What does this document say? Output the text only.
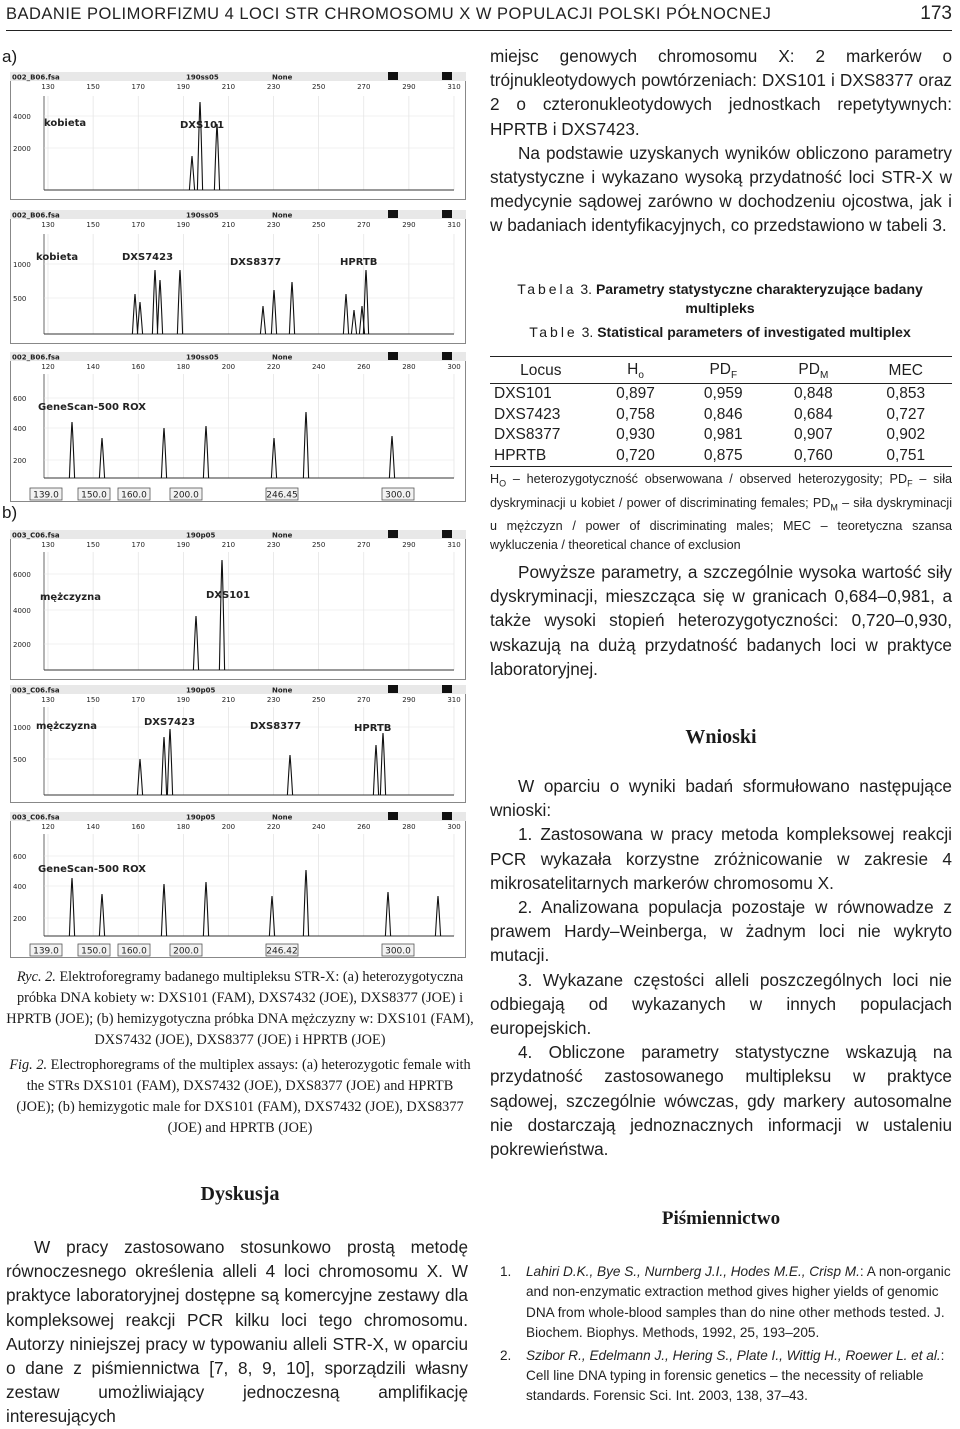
BADANIE POLIMORFIZMU 4 LOCI STR CHROMOSOMU X W POPULACJI POLSKI PÓŁNOCNEJ	173
a)
b)
002_B06.fsa	190ss05	None
130	150	170	190	210	230	250	270	290	310
4000
2000
kobieta	DXS101
002_B06.fsa	190ss05	None
130	150	170	190	210	230	250	270	290	310
1000
500
kobieta	DXS7423	DXS8377	HPRTB
002_B06.fsa	190ss05	None
120	140	160	180	200	220	240	260	280	300
600
400
200
GeneScan-500 ROX
139.0 150.0 160.0	200.0	246.45	300.0
003_C06.fsa	190p05	None
130	150	170	190	210	230	250	270	290	310
6000
4000
2000
mężczyzna	DXS101
003_C06.fsa	190p05	None
130	150	170	190	210	230	250	270	290	310
1000
500
mężczyzna	DXS7423	DXS8377	HPRTB
003_C06.fsa	190p05	None
120	140	160	180	200	220	240	260	280	300
600
400
200
GeneScan-500 ROX
139.0 150.0 160.0	200.0	246.42	300.0

Ryc. 2. Elektroforegramy badanego multipleksu STR-X: (a) heterozygotyczna próbka DNA kobiety w: DXS101 (FAM), DXS7432 (JOE), DXS8377 (JOE) i HPRTB (JOE); (b) hemizygotyczna próbka DNA mężczyzny w: DXS101 (FAM), DXS7432 (JOE), DXS8377 (JOE) i HPRTB (JOE)

Fig. 2. Electrophoregrams of the multiplex assays: (a) heterozygotic female with the STRs DXS101 (FAM), DXS7432 (JOE), DXS8377 (JOE) and HPRTB (JOE); (b) hemizygotic male for DXS101 (FAM), DXS7432 (JOE), DXS8377 (JOE) and HPRTB (JOE)

Dyskusja

W pracy zastosowano stosunkowo prostą metodę równoczesnego określenia alleli 4 loci chromosomu X. W praktyce laboratoryjnej dostępne są komercyjne zestawy dla kompleksowej reakcji PCR kilku loci tego chromosomu. Autorzy niniejszej pracy w typowaniu alleli STR-X, w oparciu o dane z piśmiennictwa [7, 8, 9, 10], sporządzili własny zestaw umożliwiający jednoczesną amplifikację interesujących

miejsc genowych chromosomu X: 2 markerów o trójnukleotydowych powtórzeniach: DXS101 i DXS8377 oraz 2 o czteronukleotydowych jednostkach repetytywnych: HPRTB i DXS7423.

Na podstawie uzyskanych wyników obliczono parametry statystyczne i wykazano wysoką przydatność loci STR-X w medycynie sądowej zarówno w dochodzeniu ojcostwa, jak i w badaniach identyfikacyjnych, co przedstawiono w tabeli 3.

Tabela 3. Parametry statystyczne charakteryzujące badany multipleks
Table 3. Statistical parameters of investigated multiplex
Locus	$H_o$	$PD_F$	$PD_M$	MEC
DXS101	0,897	0,959	0,848	0,853
DXS7423	0,758	0,846	0,684	0,727
DXS8377	0,930	0,981	0,907	0,902
HPRTB	0,720	0,875	0,760	0,751
$H_O$ – heterozygotyczność obserwowana / observed heterozygosity; $PD_F$ – siła dyskryminacji u kobiet / power of discriminating females; $PD_M$ – siła dyskryminacji u mężczyzn / power of discriminating males; MEC – teoretyczna szansa wykluczenia / theoretical chance of exclusion

Powyższe parametry, a szczególnie wysoka wartość siły dyskryminacji, mieszcząca się w granicach 0,684–0,981, a także wysoki stopień heterozygotyczności: 0,720–0,930, wskazują na dużą przydatność badanych loci w praktyce laboratoryjnej.

Wnioski

W oparciu o wyniki badań sformułowano następujące wnioski:

1. Zastosowana w pracy metoda kompleksowej reakcji PCR wykazała korzystne zróżnicowanie w zakresie 4 mikrosatelitarnych markerów chromosomu X.

2. Analizowana populacja pozostaje w równowadze z prawem Hardy–Weinberga, w żadnym loci nie wykryto mutacji.

3. Wykazane częstości alleli poszczególnych loci nie odbiegają od wykazanych w innych populacjach europejskich.

4. Obliczone parametry statystyczne wskazują na przydatność zastosowanego multipleksu w praktyce sądowej, szczególnie wówczas, gdy markery autosomalne nie dostarczają jednoznacznych informacji w ustaleniu pokrewieństwa.

Piśmiennictwo
1. Lahiri D.K., Bye S., Nurnberg J.I., Hodes M.E., Crisp M.: A non-organic and non-enzymatic extraction method gives higher yields of genomic DNA from whole-blood samples than do nine other methods tested. J. Biochem. Biophys. Methods, 1992, 25, 193–205.
2. Szibor R., Edelmann J., Hering S., Plate I., Wittig H., Roewer L. et al.: Cell line DNA typing in forensic genetics – the necessity of reliable standards. Forensic Sci. Int. 2003, 138, 37–43.
